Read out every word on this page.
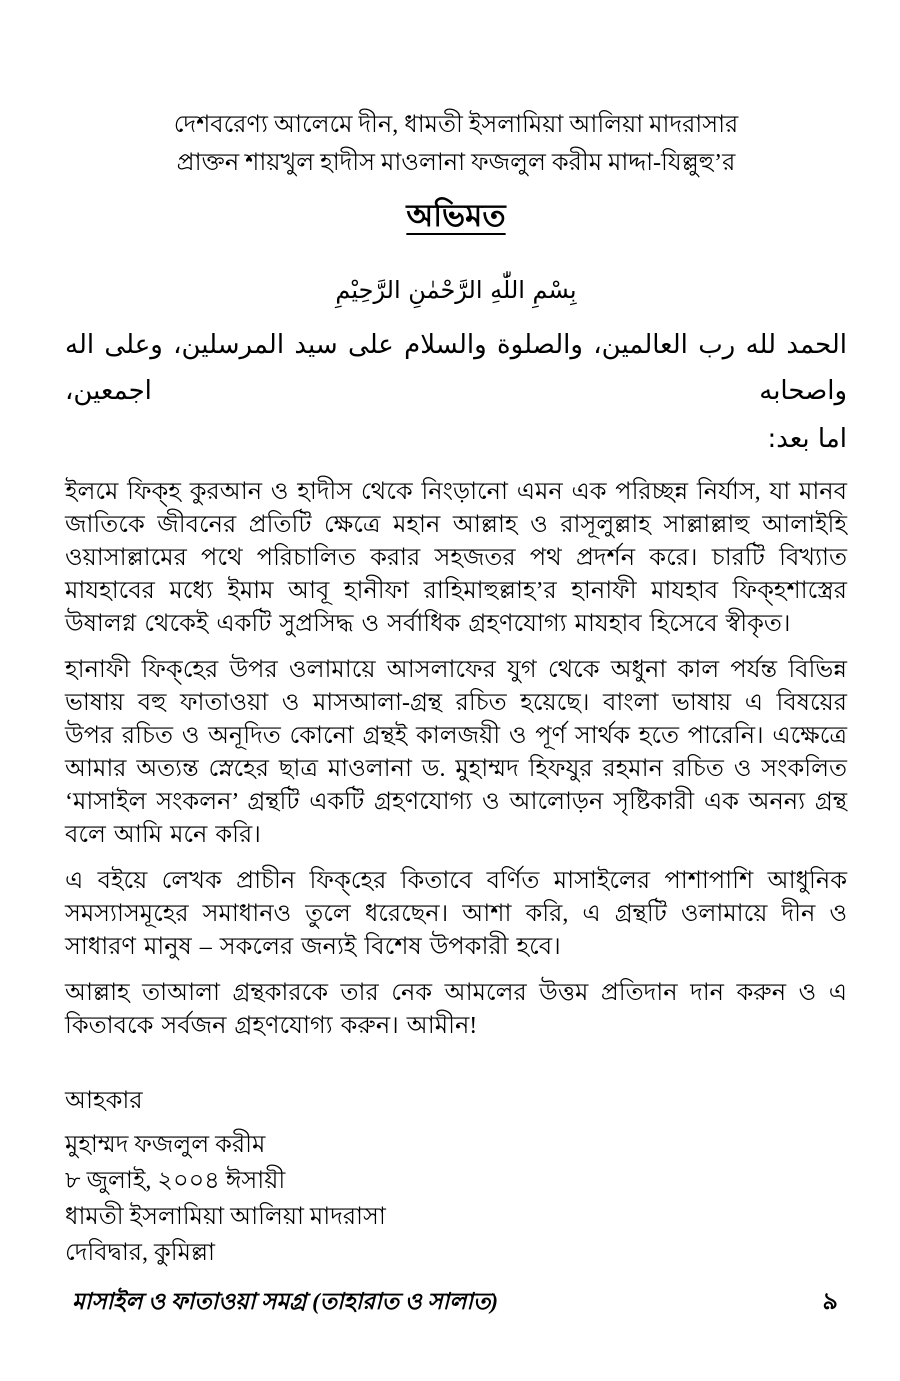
দেশবরেণ্য আলেমে দীন, ধামতী ইসলামিয়া আলিয়া মাদরাসার
প্রাক্তন শায়খুল হাদীস মাওলানা ফজলুল করীম মাদ্দা-যিল্লুহু’র
অভিমত
بِسْمِ اللّٰهِ الرَّحْمٰنِ الرَّحِيْمِ
الحمد لله رب العالمين، والصلوة والسلام على سيد المرسلين، وعلى اله واصحابه اجمعين،
اما بعد:

ইলমে ফিক্‌হ কুরআন ও হাদীস থেকে নিংড়ানো এমন এক পরিচ্ছন্ন নির্যাস, যা মানব জাতিকে জীবনের প্রতিটি ক্ষেত্রে মহান আল্লাহ ও রাসূলুল্লাহ সাল্লাল্লাহু আলাইহি ওয়াসাল্লামের পথে পরিচালিত করার সহজতর পথ প্রদর্শন করে। চারটি বিখ্যাত মাযহাবের মধ্যে ইমাম আবূ হানীফা রাহিমাহুল্লাহ’র হানাফী মাযহাব ফিক্‌হশাস্ত্রের উষালগ্ন থেকেই একটি সুপ্রসিদ্ধ ও সর্বাধিক গ্রহণযোগ্য মাযহাব হিসেবে স্বীকৃত।

হানাফী ফিক্‌হের উপর ওলামায়ে আসলাফের যুগ থেকে অধুনা কাল পর্যন্ত বিভিন্ন ভাষায় বহু ফাতাওয়া ও মাসআলা-গ্রন্থ রচিত হয়েছে। বাংলা ভাষায় এ বিষয়ের উপর রচিত ও অনূদিত কোনো গ্রন্থই কালজয়ী ও পূর্ণ সার্থক হতে পারেনি। এক্ষেত্রে আমার অত্যন্ত স্নেহের ছাত্র মাওলানা ড. মুহাম্মদ হিফযুর রহমান রচিত ও সংকলিত ‘মাসাইল সংকলন’ গ্রন্থটি একটি গ্রহণযোগ্য ও আলোড়ন সৃষ্টিকারী এক অনন্য গ্রন্থ বলে আমি মনে করি।

এ বইয়ে লেখক প্রাচীন ফিক্‌হের কিতাবে বর্ণিত মাসাইলের পাশাপাশি আধুনিক সমস্যাসমূহের সমাধানও তুলে ধরেছেন। আশা করি, এ গ্রন্থটি ওলামায়ে দীন ও সাধারণ মানুষ – সকলের জন্যই বিশেষ উপকারী হবে।

আল্লাহ তাআলা গ্রন্থকারকে তার নেক আমলের উত্তম প্রতিদান দান করুন ও এ কিতাবকে সর্বজন গ্রহণযোগ্য করুন। আমীন!

আহকার
মুহাম্মদ ফজলুল করীম
৮ জুলাই, ২০০৪ ঈসায়ী
ধামতী ইসলামিয়া আলিয়া মাদরাসা
দেবিদ্বার, কুমিল্লা
মাসাইল ও ফাতাওয়া সমগ্র (তাহারাত ও সালাত)	৯
